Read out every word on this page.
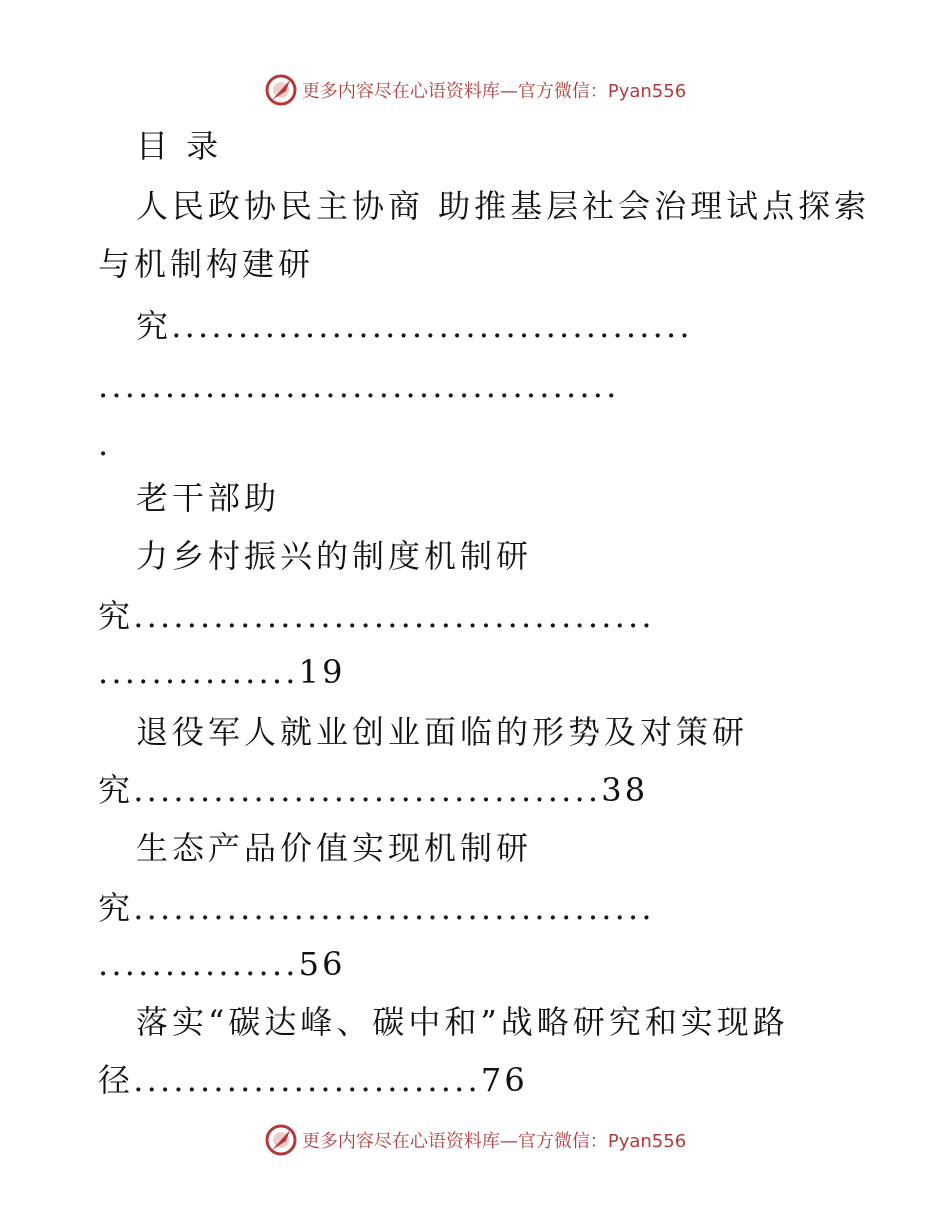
更多内容尽在心语资料库—官方微信：Pyan556
目 录
人民政协民主协商 助推基层社会治理试点探索
与机制构建研
究.......................................
.......................................
.
老干部助
力乡村振兴的制度机制研
究.......................................
...............19
退役军人就业创业面临的形势及对策研
究...................................38
生态产品价值实现机制研
究.......................................
...............56
落实“碳达峰、碳中和”战略研究和实现路
径..........................76
更多内容尽在心语资料库—官方微信：Pyan556
